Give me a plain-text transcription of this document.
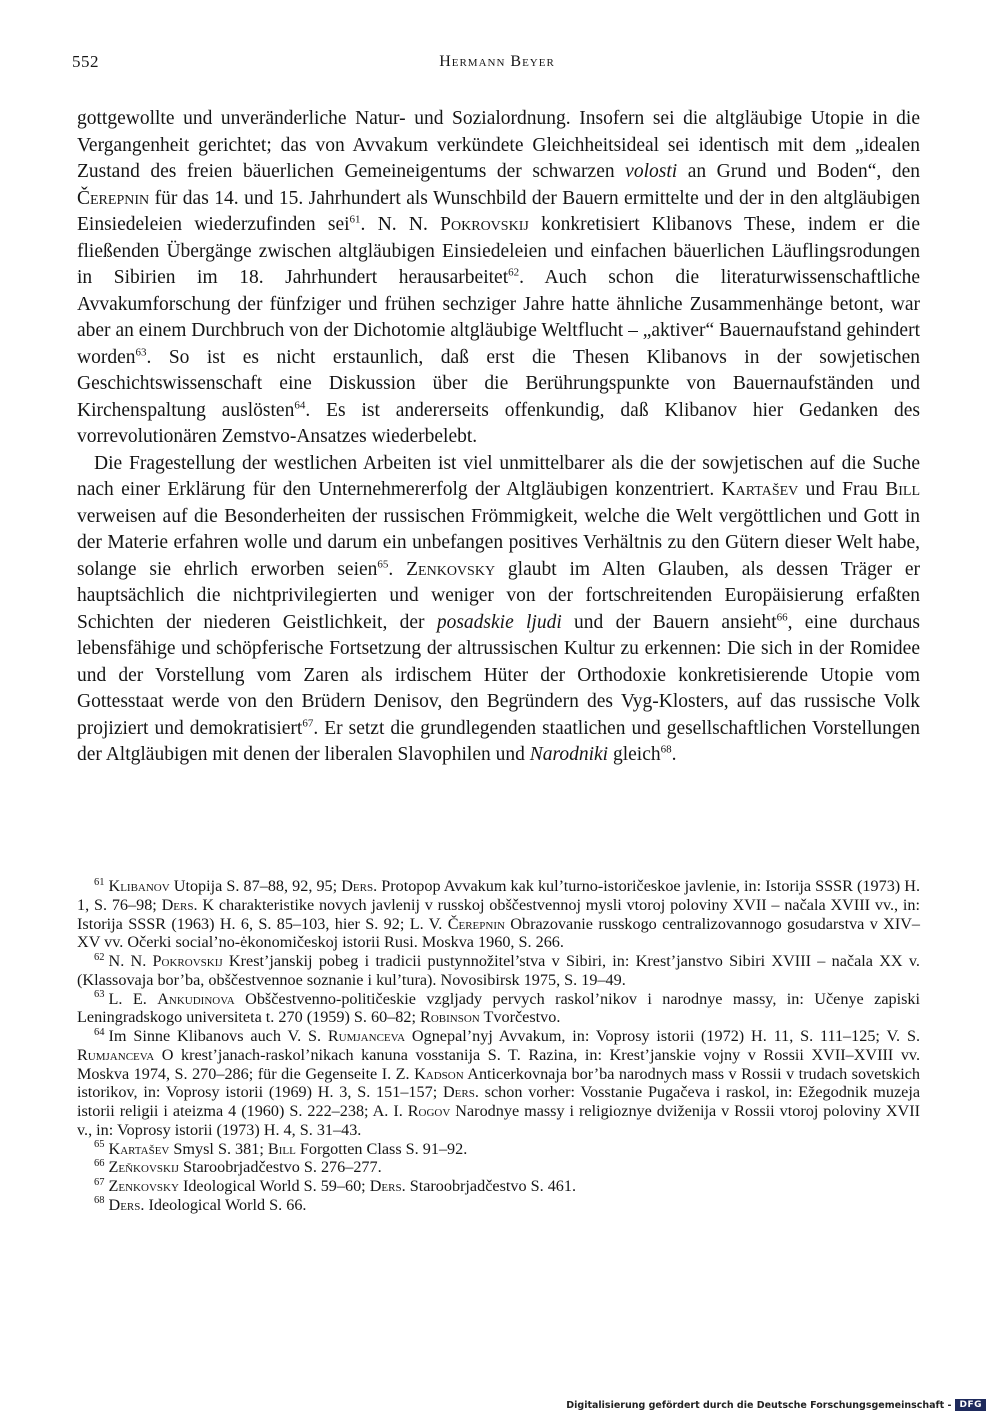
552	Hermann Beyer

gottgewollte und unveränderliche Natur- und Sozialordnung. Insofern sei die altgläubige Utopie in die Vergangenheit gerichtet; das von Avvakum verkündete Gleichheitsideal sei identisch mit dem „idealen Zustand des freien bäuerlichen Gemeineigentums der schwarzen volosti an Grund und Boden“, den Čerepnin für das 14. und 15. Jahrhundert als Wunschbild der Bauern ermittelte und der in den altgläubigen Einsiedeleien wiederzufinden sei$^{61}$. N. N. Pokrovskij konkretisiert Klibanovs These, indem er die fließenden Übergänge zwischen altgläubigen Einsiedeleien und einfachen bäuerlichen Läuflingsrodungen in Sibirien im 18. Jahrhundert herausarbeitet$^{62}$. Auch schon die literaturwissenschaftliche Avvakumforschung der fünfziger und frühen sechziger Jahre hatte ähnliche Zusammenhänge betont, war aber an einem Durchbruch von der Dichotomie altgläubige Weltflucht – „aktiver“ Bauernaufstand gehindert worden$^{63}$. So ist es nicht erstaunlich, daß erst die Thesen Klibanovs in der sowjetischen Geschichtswissenschaft eine Diskussion über die Berührungspunkte von Bauernaufständen und Kirchenspaltung auslösten$^{64}$. Es ist andererseits offenkundig, daß Klibanov hier Gedanken des vorrevolutionären Zemstvo-Ansatzes wiederbelebt.

Die Fragestellung der westlichen Arbeiten ist viel unmittelbarer als die der sowjetischen auf die Suche nach einer Erklärung für den Unternehmererfolg der Altgläubigen konzentriert. Kartašev und Frau Bill verweisen auf die Besonderheiten der russischen Frömmigkeit, welche die Welt vergöttlichen und Gott in der Materie erfahren wolle und darum ein unbefangen positives Verhältnis zu den Gütern dieser Welt habe, solange sie ehrlich erworben seien$^{65}$. Zenkovsky glaubt im Alten Glauben, als dessen Träger er hauptsächlich die nichtprivilegierten und weniger von der fortschreitenden Europäisierung erfaßten Schichten der niederen Geistlichkeit, der posadskie ljudi und der Bauern ansieht$^{66}$, eine durchaus lebensfähige und schöpferische Fortsetzung der altrussischen Kultur zu erkennen: Die sich in der Romidee und der Vorstellung vom Zaren als irdischem Hüter der Orthodoxie konkretisierende Utopie vom Gottesstaat werde von den Brüdern Denisov, den Begründern des Vyg-Klosters, auf das russische Volk projiziert und demokratisiert$^{67}$. Er setzt die grundlegenden staatlichen und gesellschaftlichen Vorstellungen der Altgläubigen mit denen der liberalen Slavophilen und Narodniki gleich$^{68}$.

$^{61}$ Klibanov Utopija S. 87–88, 92, 95; Ders. Protopop Avvakum kak kul’turno-istoričeskoe javlenie, in: Istorija SSSR (1973) H. 1, S. 76–98; Ders. K charakteristike novych javlenij v russkoj obščestvennoj mysli vtoroj poloviny XVII – načala XVIII vv., in: Istorija SSSR (1963) H. 6, S. 85–103, hier S. 92; L. V. Čerepnin Obrazovanie russkogo centralizovannogo gosudarstva v XIV–XV vv. Očerki social’no-ėkonomičeskoj istorii Rusi. Moskva 1960, S. 266.

$^{62}$ N. N. Pokrovskij Krest’janskij pobeg i tradicii pustynnožitel’stva v Sibiri, in: Krest’janstvo Sibiri XVIII – načala XX v. (Klassovaja bor’ba, obščestvennoe soznanie i kul’tura). Novosibirsk 1975, S. 19–49.

$^{63}$ L. E. Ankudinova Obščestvenno-političeskie vzgljady pervych raskol’nikov i narodnye massy, in: Učenye zapiski Leningradskogo universiteta t. 270 (1959) S. 60–82; Robinson Tvorčestvo.

$^{64}$ Im Sinne Klibanovs auch V. S. Rumjanceva Ognepal’nyj Avvakum, in: Voprosy istorii (1972) H. 11, S. 111–125; V. S. Rumjanceva O krest’janach-raskol’nikach kanuna vosstanija S. T. Razina, in: Krest’janskie vojny v Rossii XVII–XVIII vv. Moskva 1974, S. 270–286; für die Gegenseite I. Z. Kadson Anticerkovnaja bor’ba narodnych mass v Rossii v trudach sovetskich istorikov, in: Voprosy istorii (1969) H. 3, S. 151–157; Ders. schon vorher: Vosstanie Pugačeva i raskol, in: Ežegodnik muzeja istorii religii i ateizma 4 (1960) S. 222–238; A. I. Rogov Narodnye massy i religioznye dviženija v Rossii vtoroj poloviny XVII v., in: Voprosy istorii (1973) H. 4, S. 31–43.

$^{65}$ Kartašev Smysl S. 381; Bill Forgotten Class S. 91–92.

$^{66}$ Zeňkovskij Staroobrjadčestvo S. 276–277.

$^{67}$ Zenkovsky Ideological World S. 59–60; Ders. Staroobrjadčestvo S. 461.

$^{68}$ Ders. Ideological World S. 66.

Digitalisierung gefördert durch die Deutsche Forschungsgemeinschaft - DFG
